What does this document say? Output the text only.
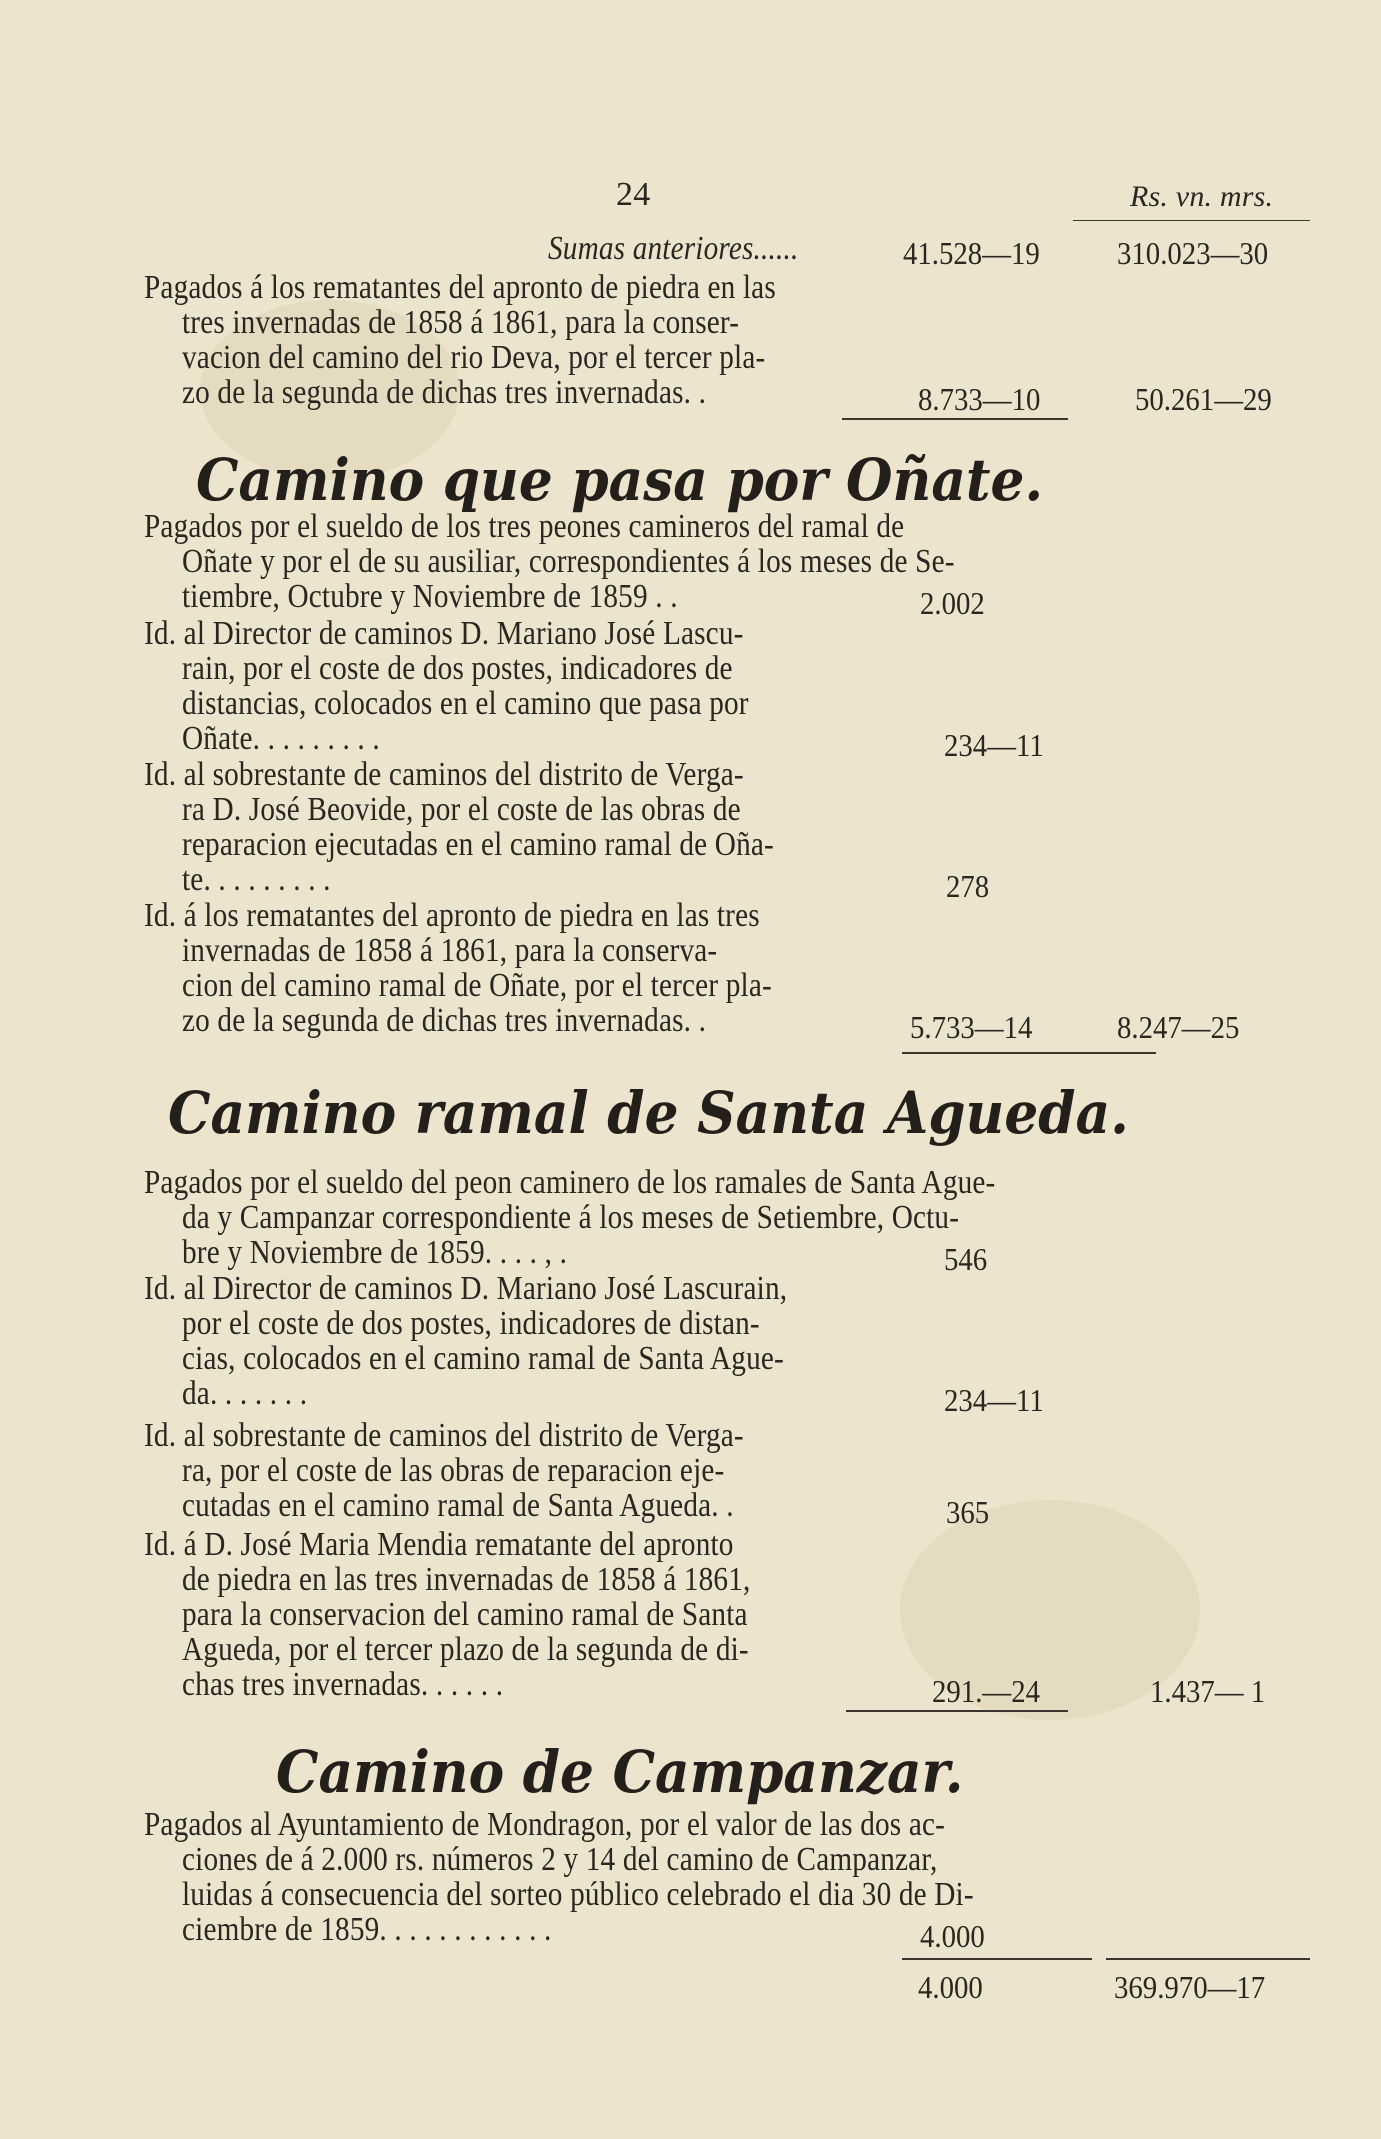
24	Rs. vn. mrs.
Sumas anteriores......	41.528—19 310.023—30
Pagados á los rematantes del apronto de piedra en las
tres invernadas de 1858 á 1861, para la conser-
vacion del camino del rio Deva, por el tercer pla-
zo de la segunda de dichas tres invernadas. .	8.733—10	50.261—29
Camino que pasa por Oñate.
Pagados por el sueldo de los tres peones camineros del ramal de
Oñate y por el de su ausiliar, correspondientes á los meses de Se-
tiembre, Octubre y Noviembre de 1859 . .	2.002
Id. al Director de caminos D. Mariano José Lascu-
rain, por el coste de dos postes, indicadores de
distancias, colocados en el camino que pasa por
Oñate. . . . . . . . .	234—11
Id. al sobrestante de caminos del distrito de Verga-
ra D. José Beovide, por el coste de las obras de
reparacion ejecutadas en el camino ramal de Oña-
te. . . . . . . . .	278
Id. á los rematantes del apronto de piedra en las tres
invernadas de 1858 á 1861, para la conserva-
cion del camino ramal de Oñate, por el tercer pla-
zo de la segunda de dichas tres invernadas. .	5.733—14	8.247—25
Camino ramal de Santa Agueda.
Pagados por el sueldo del peon caminero de los ramales de Santa Ague-
da y Campanzar correspondiente á los meses de Setiembre, Octu-
bre y Noviembre de 1859. . . . , .	546
Id. al Director de caminos D. Mariano José Lascurain,
por el coste de dos postes, indicadores de distan-
cias, colocados en el camino ramal de Santa Ague-
da. . . . . . .	234—11
Id. al sobrestante de caminos del distrito de Verga-
ra, por el coste de las obras de reparacion eje-
cutadas en el camino ramal de Santa Agueda. .	365
Id. á D. José Maria Mendia rematante del apronto
de piedra en las tres invernadas de 1858 á 1861,
para la conservacion del camino ramal de Santa
Agueda, por el tercer plazo de la segunda de di-
chas tres invernadas. . . . . .	291.—24	1.437— 1
Camino de Campanzar.
Pagados al Ayuntamiento de Mondragon, por el valor de las dos ac-
ciones de á 2.000 rs. números 2 y 14 del camino de Campanzar,
luidas á consecuencia del sorteo público celebrado el dia 30 de Di-
ciembre de 1859. . . . . . . . . . . .	4.000
4.000	369.970—17
